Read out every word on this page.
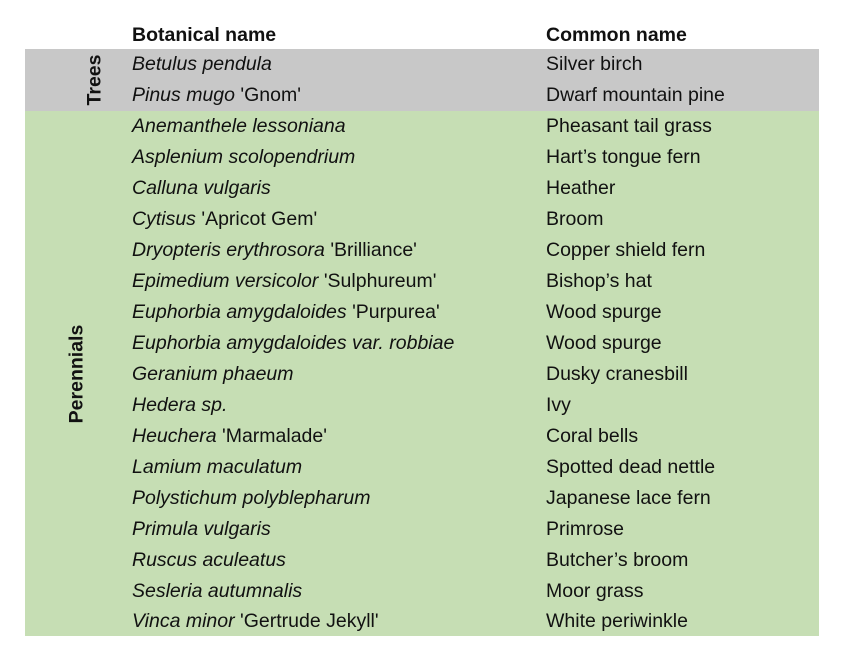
Botanical name	Common name
Trees Betulus pendula	Silver birch
Pinus mugo 'Gnom'	Dwarf mountain pine
Perennials
Anemanthele lessoniana	Pheasant tail grass
Asplenium scolopendrium	Hart’s tongue fern
Calluna vulgaris	Heather
Cytisus 'Apricot Gem'	Broom
Dryopteris erythrosora 'Brilliance'	Copper shield fern
Epimedium versicolor 'Sulphureum'	Bishop’s hat
Euphorbia amygdaloides 'Purpurea'	Wood spurge
Euphorbia amygdaloides var. robbiae	Wood spurge
Geranium phaeum	Dusky cranesbill
Hedera sp.	Ivy
Heuchera 'Marmalade'	Coral bells
Lamium maculatum	Spotted dead nettle
Polystichum polyblepharum	Japanese lace fern
Primula vulgaris	Primrose
Ruscus aculeatus	Butcher’s broom
Sesleria autumnalis	Moor grass
Vinca minor 'Gertrude Jekyll'	White periwinkle
